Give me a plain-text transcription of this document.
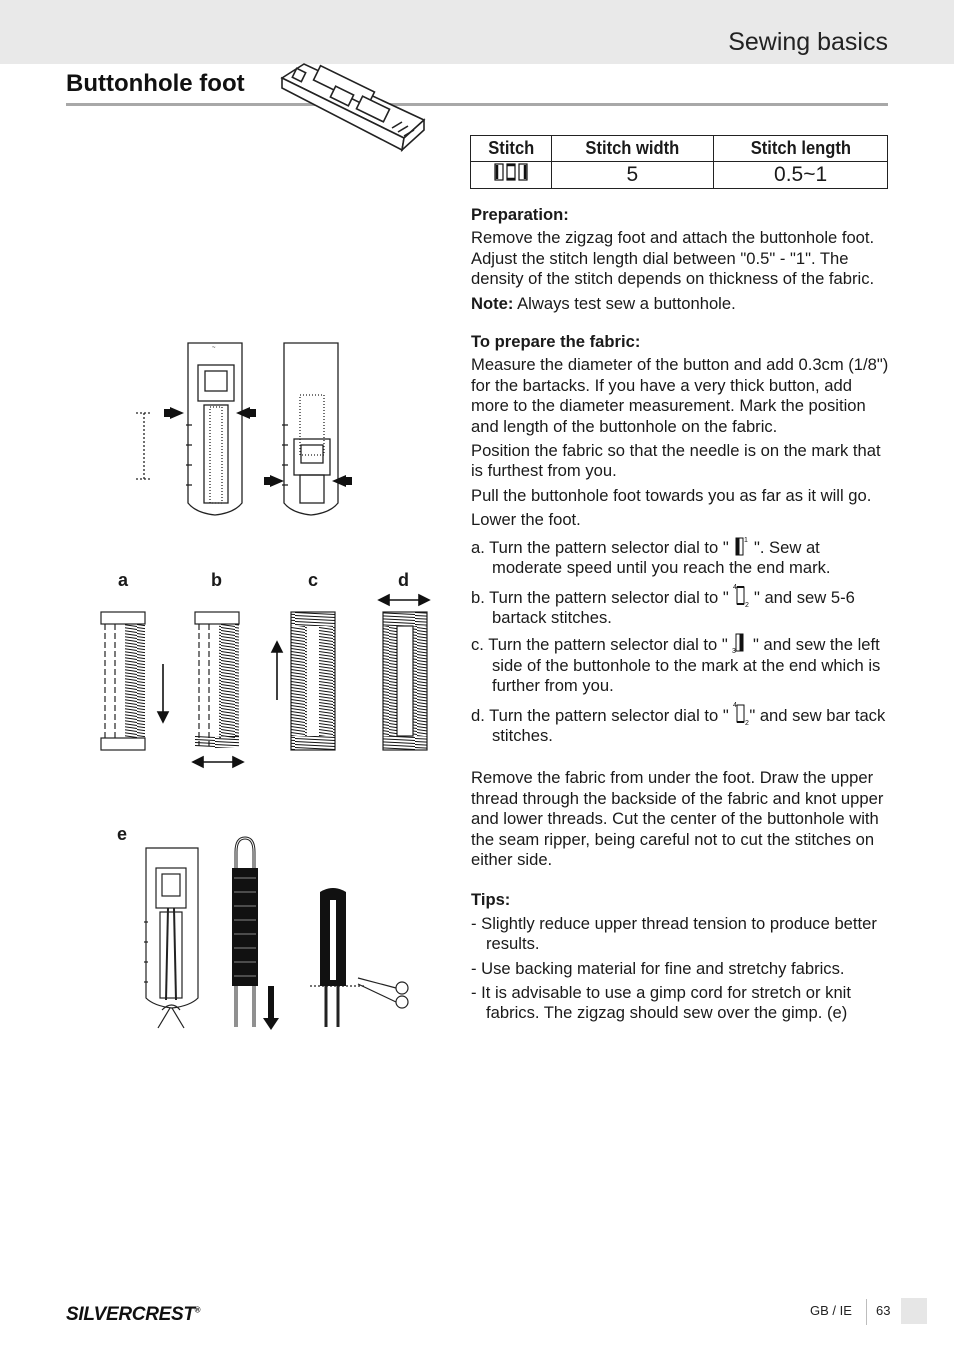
Sewing basics
Buttonhole foot
Stitch	Stitch width	Stitch length
	5	0.5~1

Preparation:

Remove the zigzag foot and attach the buttonhole foot. Adjust the stitch length dial between "0.5" - "1". The density of the stitch depends on thickness of the fabric.

Note: Always test sew a buttonhole.

To prepare the fabric:

Measure the diameter of the button and add 0.3cm (1/8") for the bartacks. If you have a very thick button, add more to the diameter measurement. Mark the position and length of the buttonhole on the fabric.

Position the fabric so that the needle is on the mark that is furthest from you.

Pull the buttonhole foot towards you as far as it will go.

Lower the foot.

a. Turn the pattern selector dial to " 1 ". Sew at moderate speed until you reach the end mark.
b. Turn the pattern selector dial to "
4
2 " and sew 5-6 bartack stitches.
c. Turn the pattern selector dial to " 3 " and sew the left side of the buttonhole to the mark at the end which is further from you.
d. Turn the pattern selector dial to "
4
2 " and sew bar tack stitches.

Remove the fabric from under the foot. Draw the upper thread through the backside of the fabric and knot upper and lower threads. Cut the center of the buttonhole with the seam ripper, being careful not to cut the stitches on either side.

Tips:

- Slightly reduce upper thread tension to produce better results.
- Use backing material for fine and stretchy fabrics.
- It is advisable to use a gimp cord for stretch or knit fabrics. The zigzag should sew over the gimp. (e)
~
a	b	c	d
e
SILVERCREST®	GB / IE 63
